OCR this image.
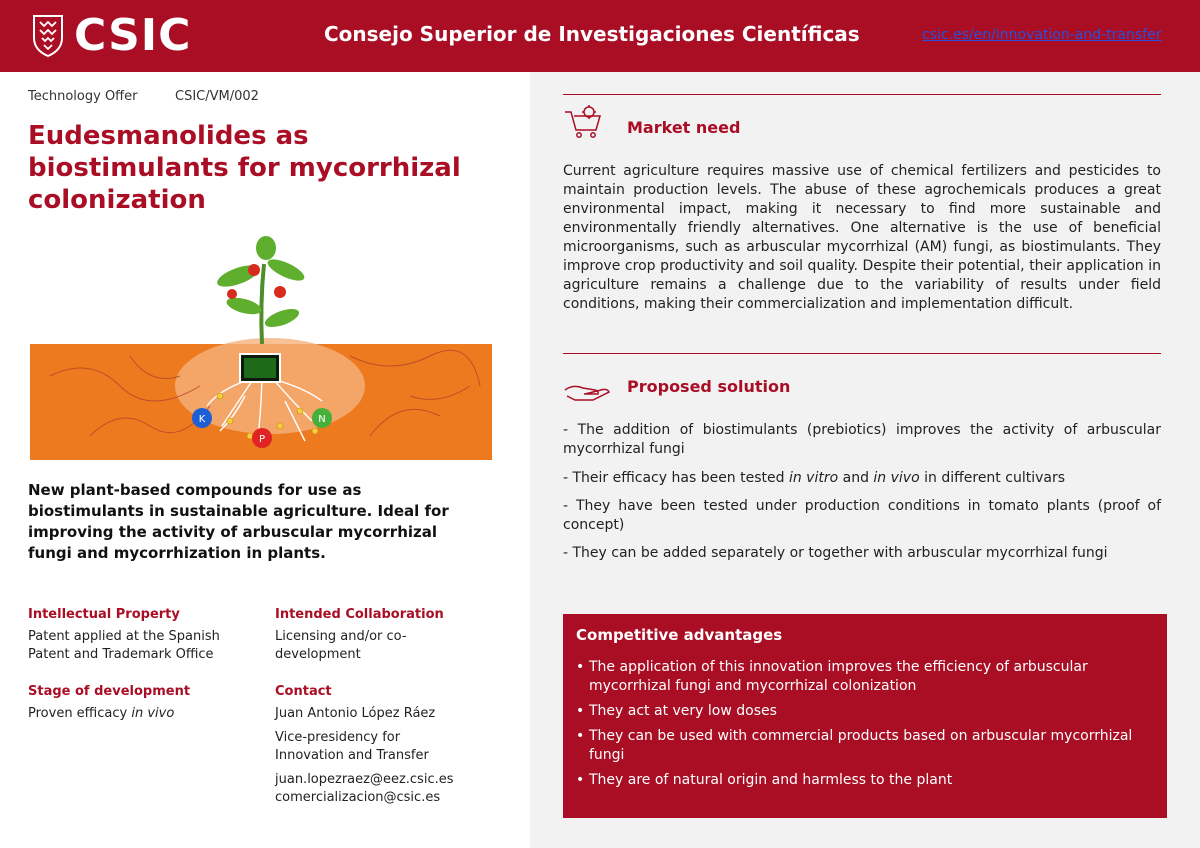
CSIC	Consejo Superior de Investigaciones Científicas	csic.es/en/innovation-and-transfer
Technology Offer	CSIC/VM/002
Eudesmanolides as biostimulants for mycorrhizal colonization
K
P
N

New plant-based compounds for use as biostimulants in sustainable agriculture. Ideal for improving the activity of arbuscular mycorrhizal fungi and mycorrhization in plants.

Intellectual Property
Patent applied at the Spanish
Patent and Trademark Office
Intended Collaboration
Licensing and/or co-
development
Stage of development
Proven efficacy in vivo
Contact
Juan Antonio López Ráez
Vice-presidency for
Innovation and Transfer
juan.lopezraez@eez.csic.es
comercializacion@csic.es
Market need

Current agriculture requires massive use of chemical fertilizers and pesticides to maintain production levels. The abuse of these agrochemicals produces a great environmental impact, making it necessary to find more sustainable and environmentally friendly alternatives. One alternative is the use of beneficial microorganisms, such as arbuscular mycorrhizal (AM) fungi, as biostimulants. They improve crop productivity and soil quality. Despite their potential, their application in agriculture remains a challenge due to the variability of results under field conditions, making their commercialization and implementation difficult.

Proposed solution

- The addition of biostimulants (prebiotics) improves the activity of arbuscular mycorrhizal fungi

- Their efficacy has been tested in vitro and in vivo in different cultivars

- They have been tested under production conditions in tomato plants (proof of concept)

- They can be added separately or together with arbuscular mycorrhizal fungi

Competitive advantages
• The application of this innovation improves the efficiency of arbuscular mycorrhizal fungi and mycorrhizal colonization
• They act at very low doses
• They can be used with commercial products based on arbuscular mycorrhizal fungi
• They are of natural origin and harmless to the plant
